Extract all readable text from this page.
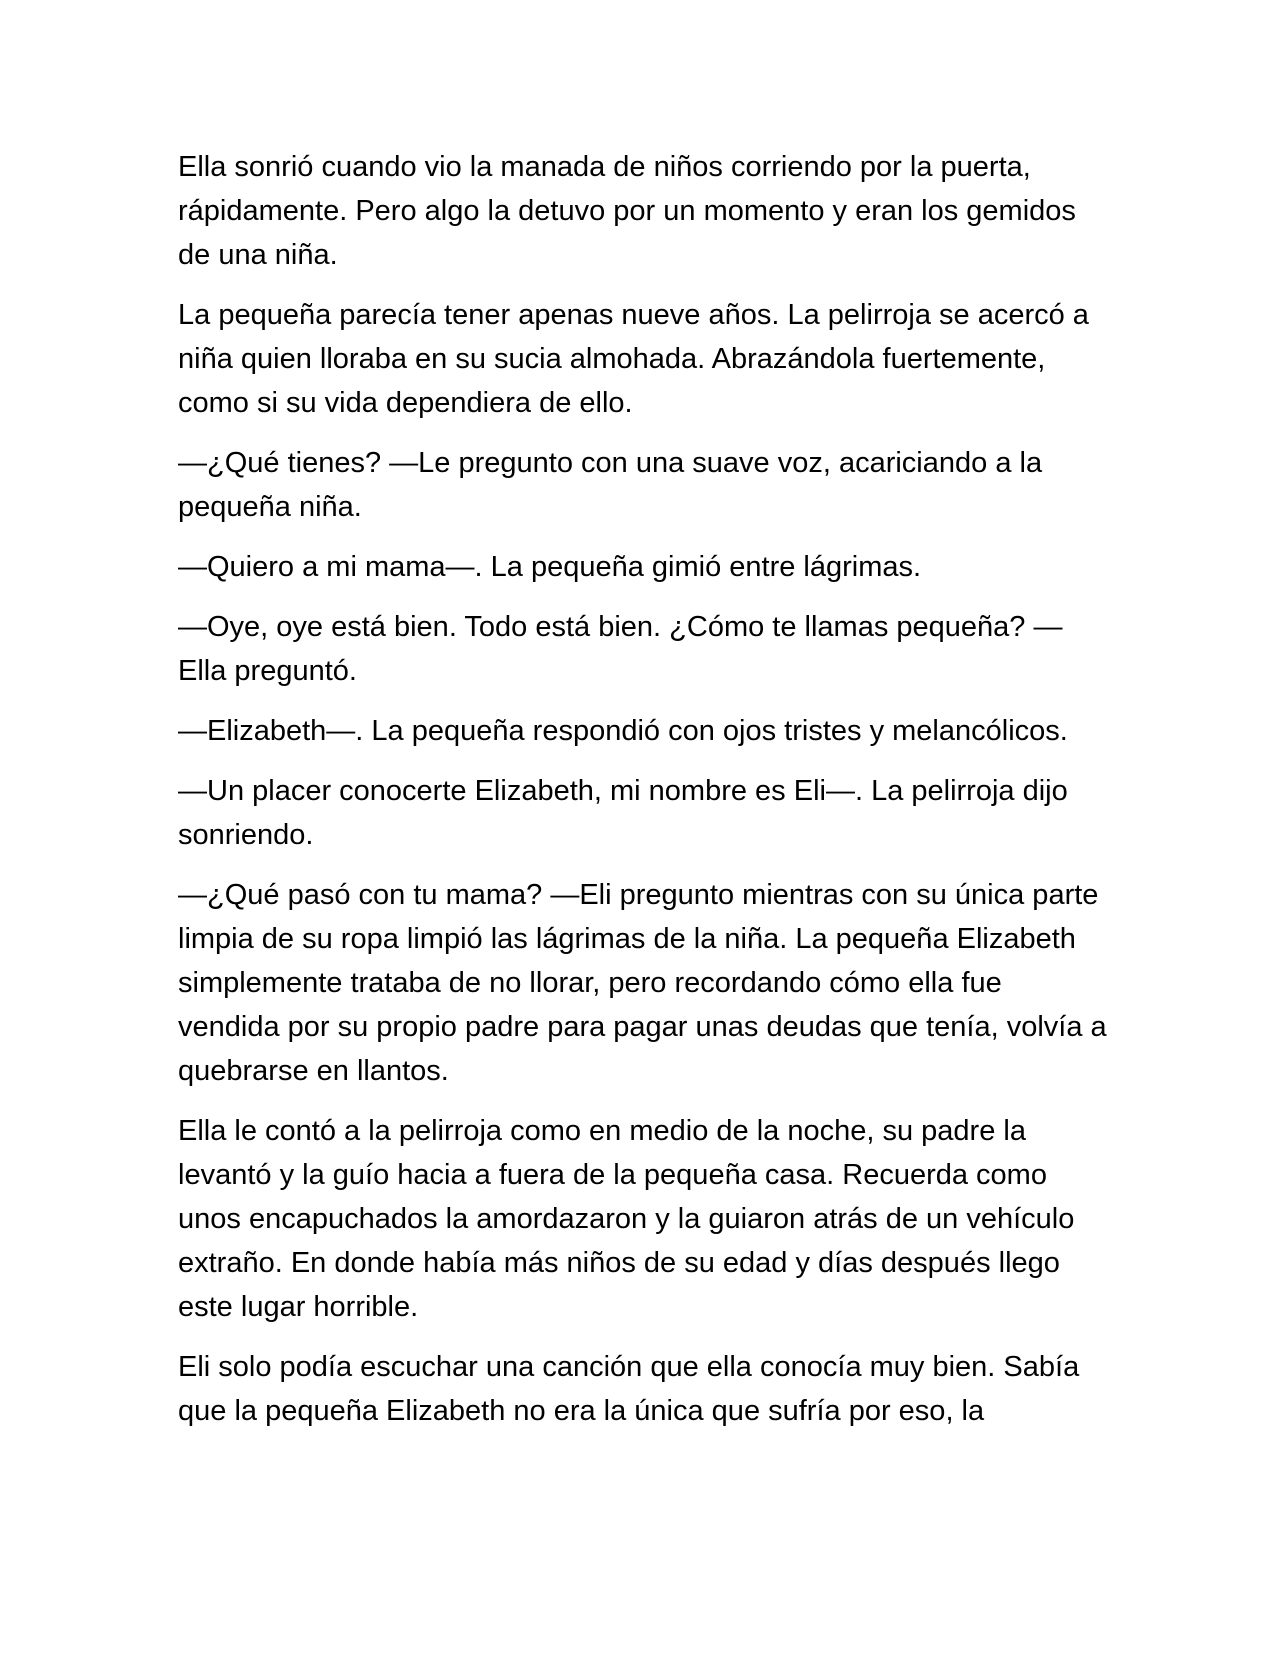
Ella sonrió cuando vio la manada de niños corriendo por la puerta, rápidamente. Pero algo la detuvo por un momento y eran los gemidos de una niña.

La pequeña parecía tener apenas nueve años. La pelirroja se acercó a niña quien lloraba en su sucia almohada. Abrazándola fuertemente, como si su vida dependiera de ello.

—¿Qué tienes? —Le pregunto con una suave voz, acariciando a la pequeña niña.

—Quiero a mi mama—. La pequeña gimió entre lágrimas.

—Oye, oye está bien. Todo está bien. ¿Cómo te llamas pequeña? —Ella preguntó.

—Elizabeth—. La pequeña respondió con ojos tristes y melancólicos.

—Un placer conocerte Elizabeth, mi nombre es Eli—. La pelirroja dijo sonriendo.

—¿Qué pasó con tu mama? —Eli pregunto mientras con su única parte limpia de su ropa limpió las lágrimas de la niña. La pequeña Elizabeth simplemente trataba de no llorar, pero recordando cómo ella fue vendida por su propio padre para pagar unas deudas que tenía, volvía a quebrarse en llantos.

Ella le contó a la pelirroja como en medio de la noche, su padre la levantó y la guío hacia a fuera de la pequeña casa. Recuerda como unos encapuchados la amordazaron y la guiaron atrás de un vehículo extraño. En donde había más niños de su edad y días después llego este lugar horrible.

Eli solo podía escuchar una canción que ella conocía muy bien. Sabía que la pequeña Elizabeth no era la única que sufría por eso, la
